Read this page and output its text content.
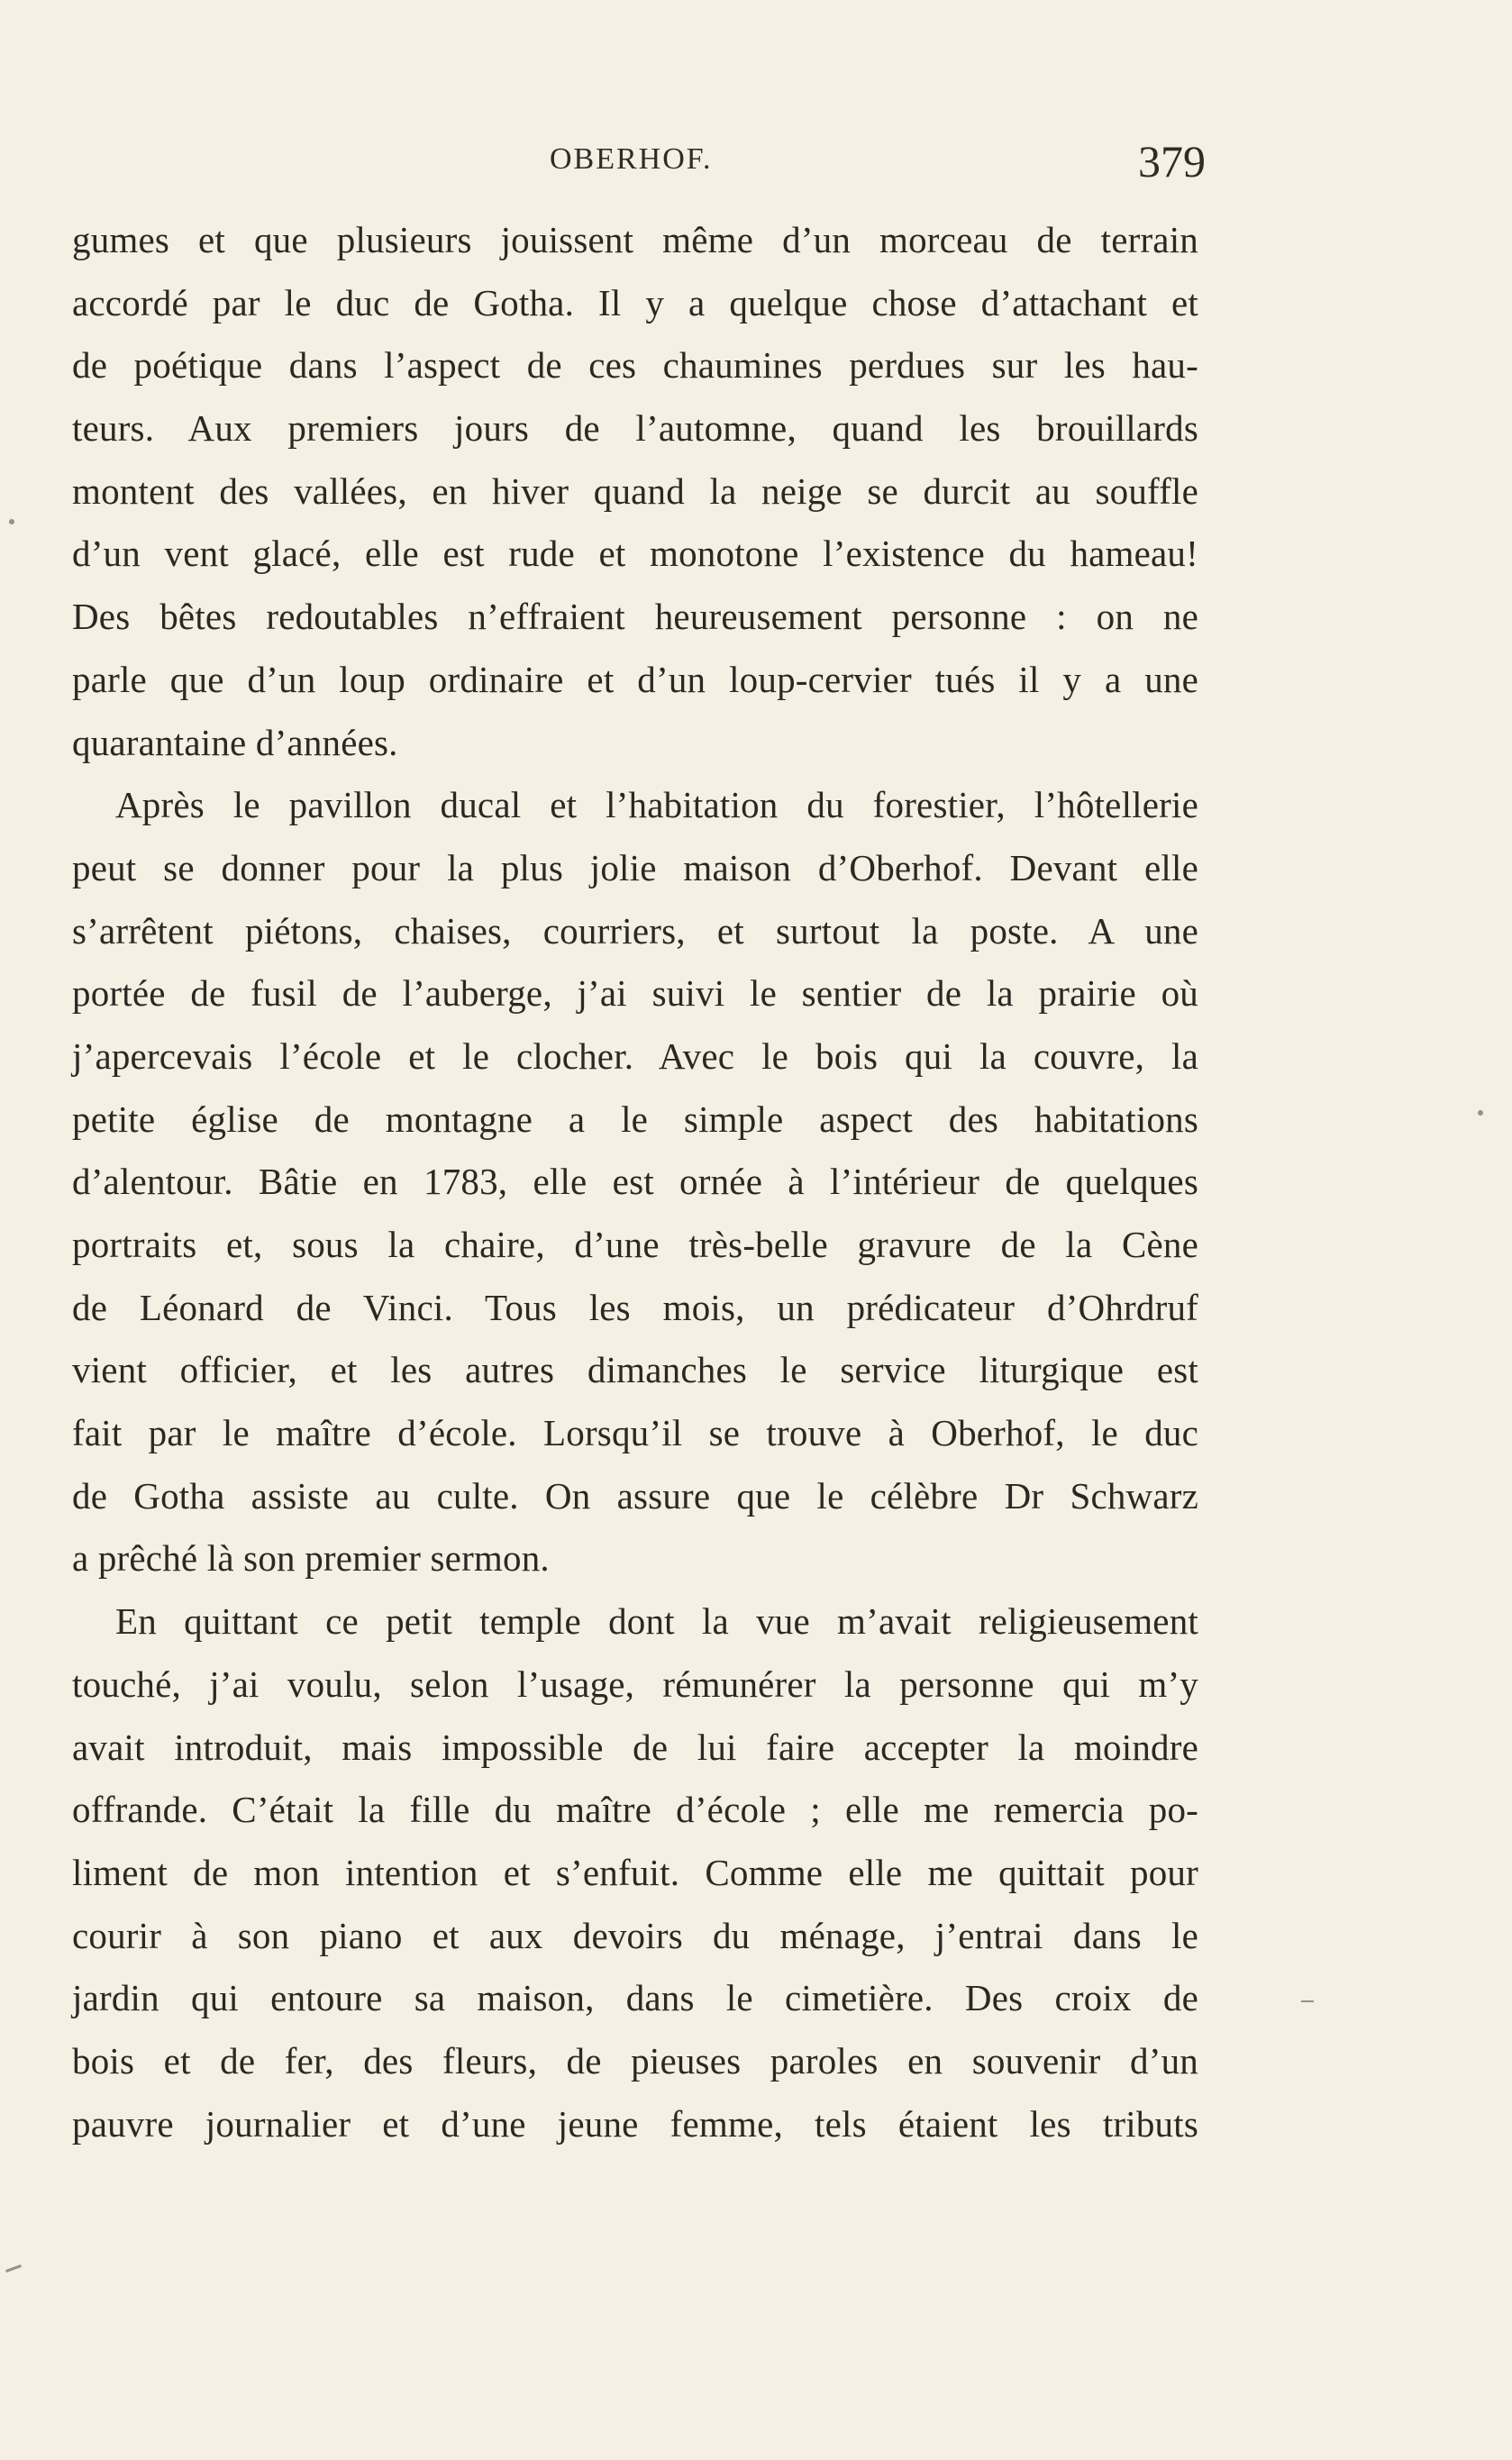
OBERHOF.	379
gumes et que plusieurs jouissent même d’un morceau de terrain
accordé par le duc de Gotha. Il y a quelque chose d’attachant et
de poétique dans l’aspect de ces chaumines perdues sur les hau-
teurs. Aux premiers jours de l’automne, quand les brouillards
montent des vallées, en hiver quand la neige se durcit au souffle
d’un vent glacé, elle est rude et monotone l’existence du hameau!
Des bêtes redoutables n’effraient heureusement personne : on ne
parle que d’un loup ordinaire et d’un loup-cervier tués il y a une
quarantaine d’années.
Après le pavillon ducal et l’habitation du forestier, l’hôtellerie
peut se donner pour la plus jolie maison d’Oberhof. Devant elle
s’arrêtent piétons, chaises, courriers, et surtout la poste. A une
portée de fusil de l’auberge, j’ai suivi le sentier de la prairie où
j’apercevais l’école et le clocher. Avec le bois qui la couvre, la
petite église de montagne a le simple aspect des habitations
d’alentour. Bâtie en 1783, elle est ornée à l’intérieur de quelques
portraits et, sous la chaire, d’une très-belle gravure de la Cène
de Léonard de Vinci. Tous les mois, un prédicateur d’Ohrdruf
vient officier, et les autres dimanches le service liturgique est
fait par le maître d’école. Lorsqu’il se trouve à Oberhof, le duc
de Gotha assiste au culte. On assure que le célèbre Dr Schwarz
a prêché là son premier sermon.
En quittant ce petit temple dont la vue m’avait religieusement
touché, j’ai voulu, selon l’usage, rémunérer la personne qui m’y
avait introduit, mais impossible de lui faire accepter la moindre
offrande. C’était la fille du maître d’école ; elle me remercia po-
liment de mon intention et s’enfuit. Comme elle me quittait pour
courir à son piano et aux devoirs du ménage, j’entrai dans le
jardin qui entoure sa maison, dans le cimetière. Des croix de
bois et de fer, des fleurs, de pieuses paroles en souvenir d’un
pauvre journalier et d’une jeune femme, tels étaient les tributs
